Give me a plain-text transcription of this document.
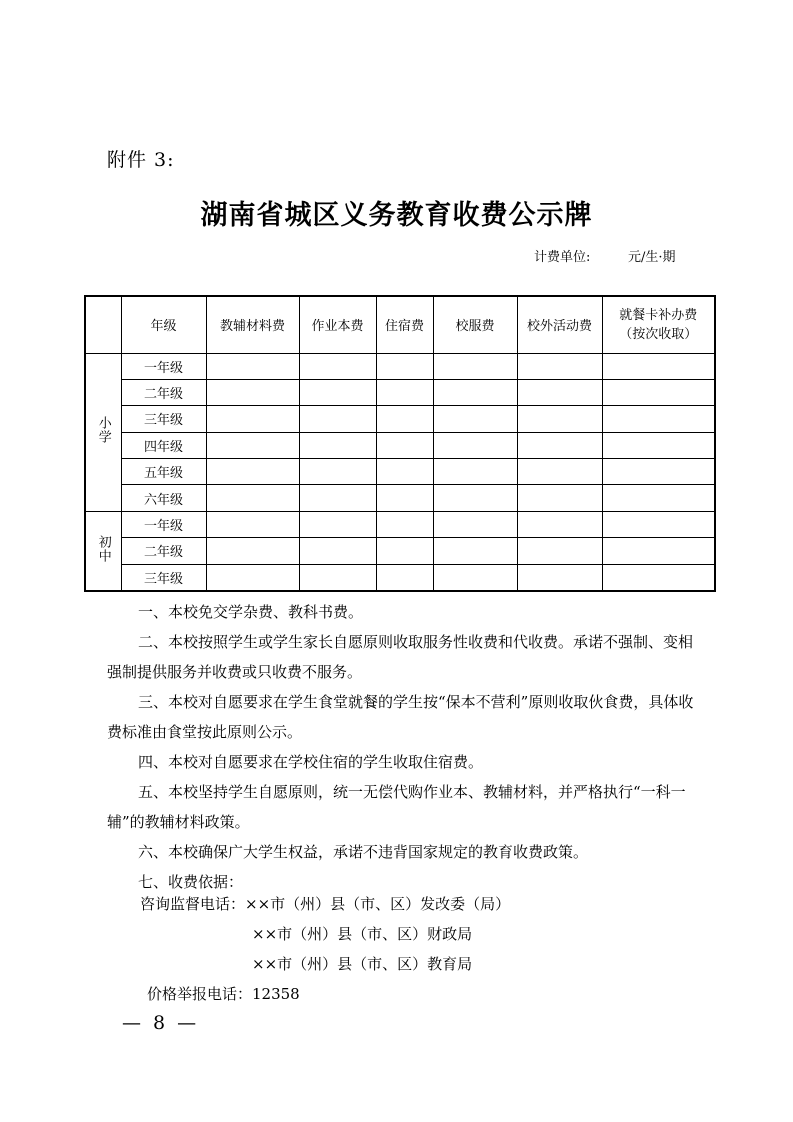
附件 3:
湖南省城区义务教育收费公示牌
计费单位:	元/生·期
	年级	教辅材料费	作业本费	住宿费	校服费	校外活动费	就餐卡补办费
（按次收取）

小学	一年级						
	二年级						
	三年级						
	四年级						
	五年级						
	六年级						
初中	一年级						
	二年级						
	三年级						

一、本校免交学杂费、教科书费。

二、本校按照学生或学生家长自愿原则收取服务性收费和代收费。承诺不强制、变相强制提供服务并收费或只收费不服务。

三、本校对自愿要求在学生食堂就餐的学生按“保本不营利”原则收取伙食费，具体收费标准由食堂按此原则公示。

四、本校对自愿要求在学校住宿的学生收取住宿费。

五、本校坚持学生自愿原则，统一无偿代购作业本、教辅材料，并严格执行“一科一辅”的教辅材料政策。

六、本校确保广大学生权益，承诺不违背国家规定的教育收费政策。

七、收费依据：

咨询监督电话：××市（州）县（市、区）发改委（局）
××市（州）县（市、区）财政局
××市（州）县（市、区）教育局
价格举报电话：12358
— 8 —
